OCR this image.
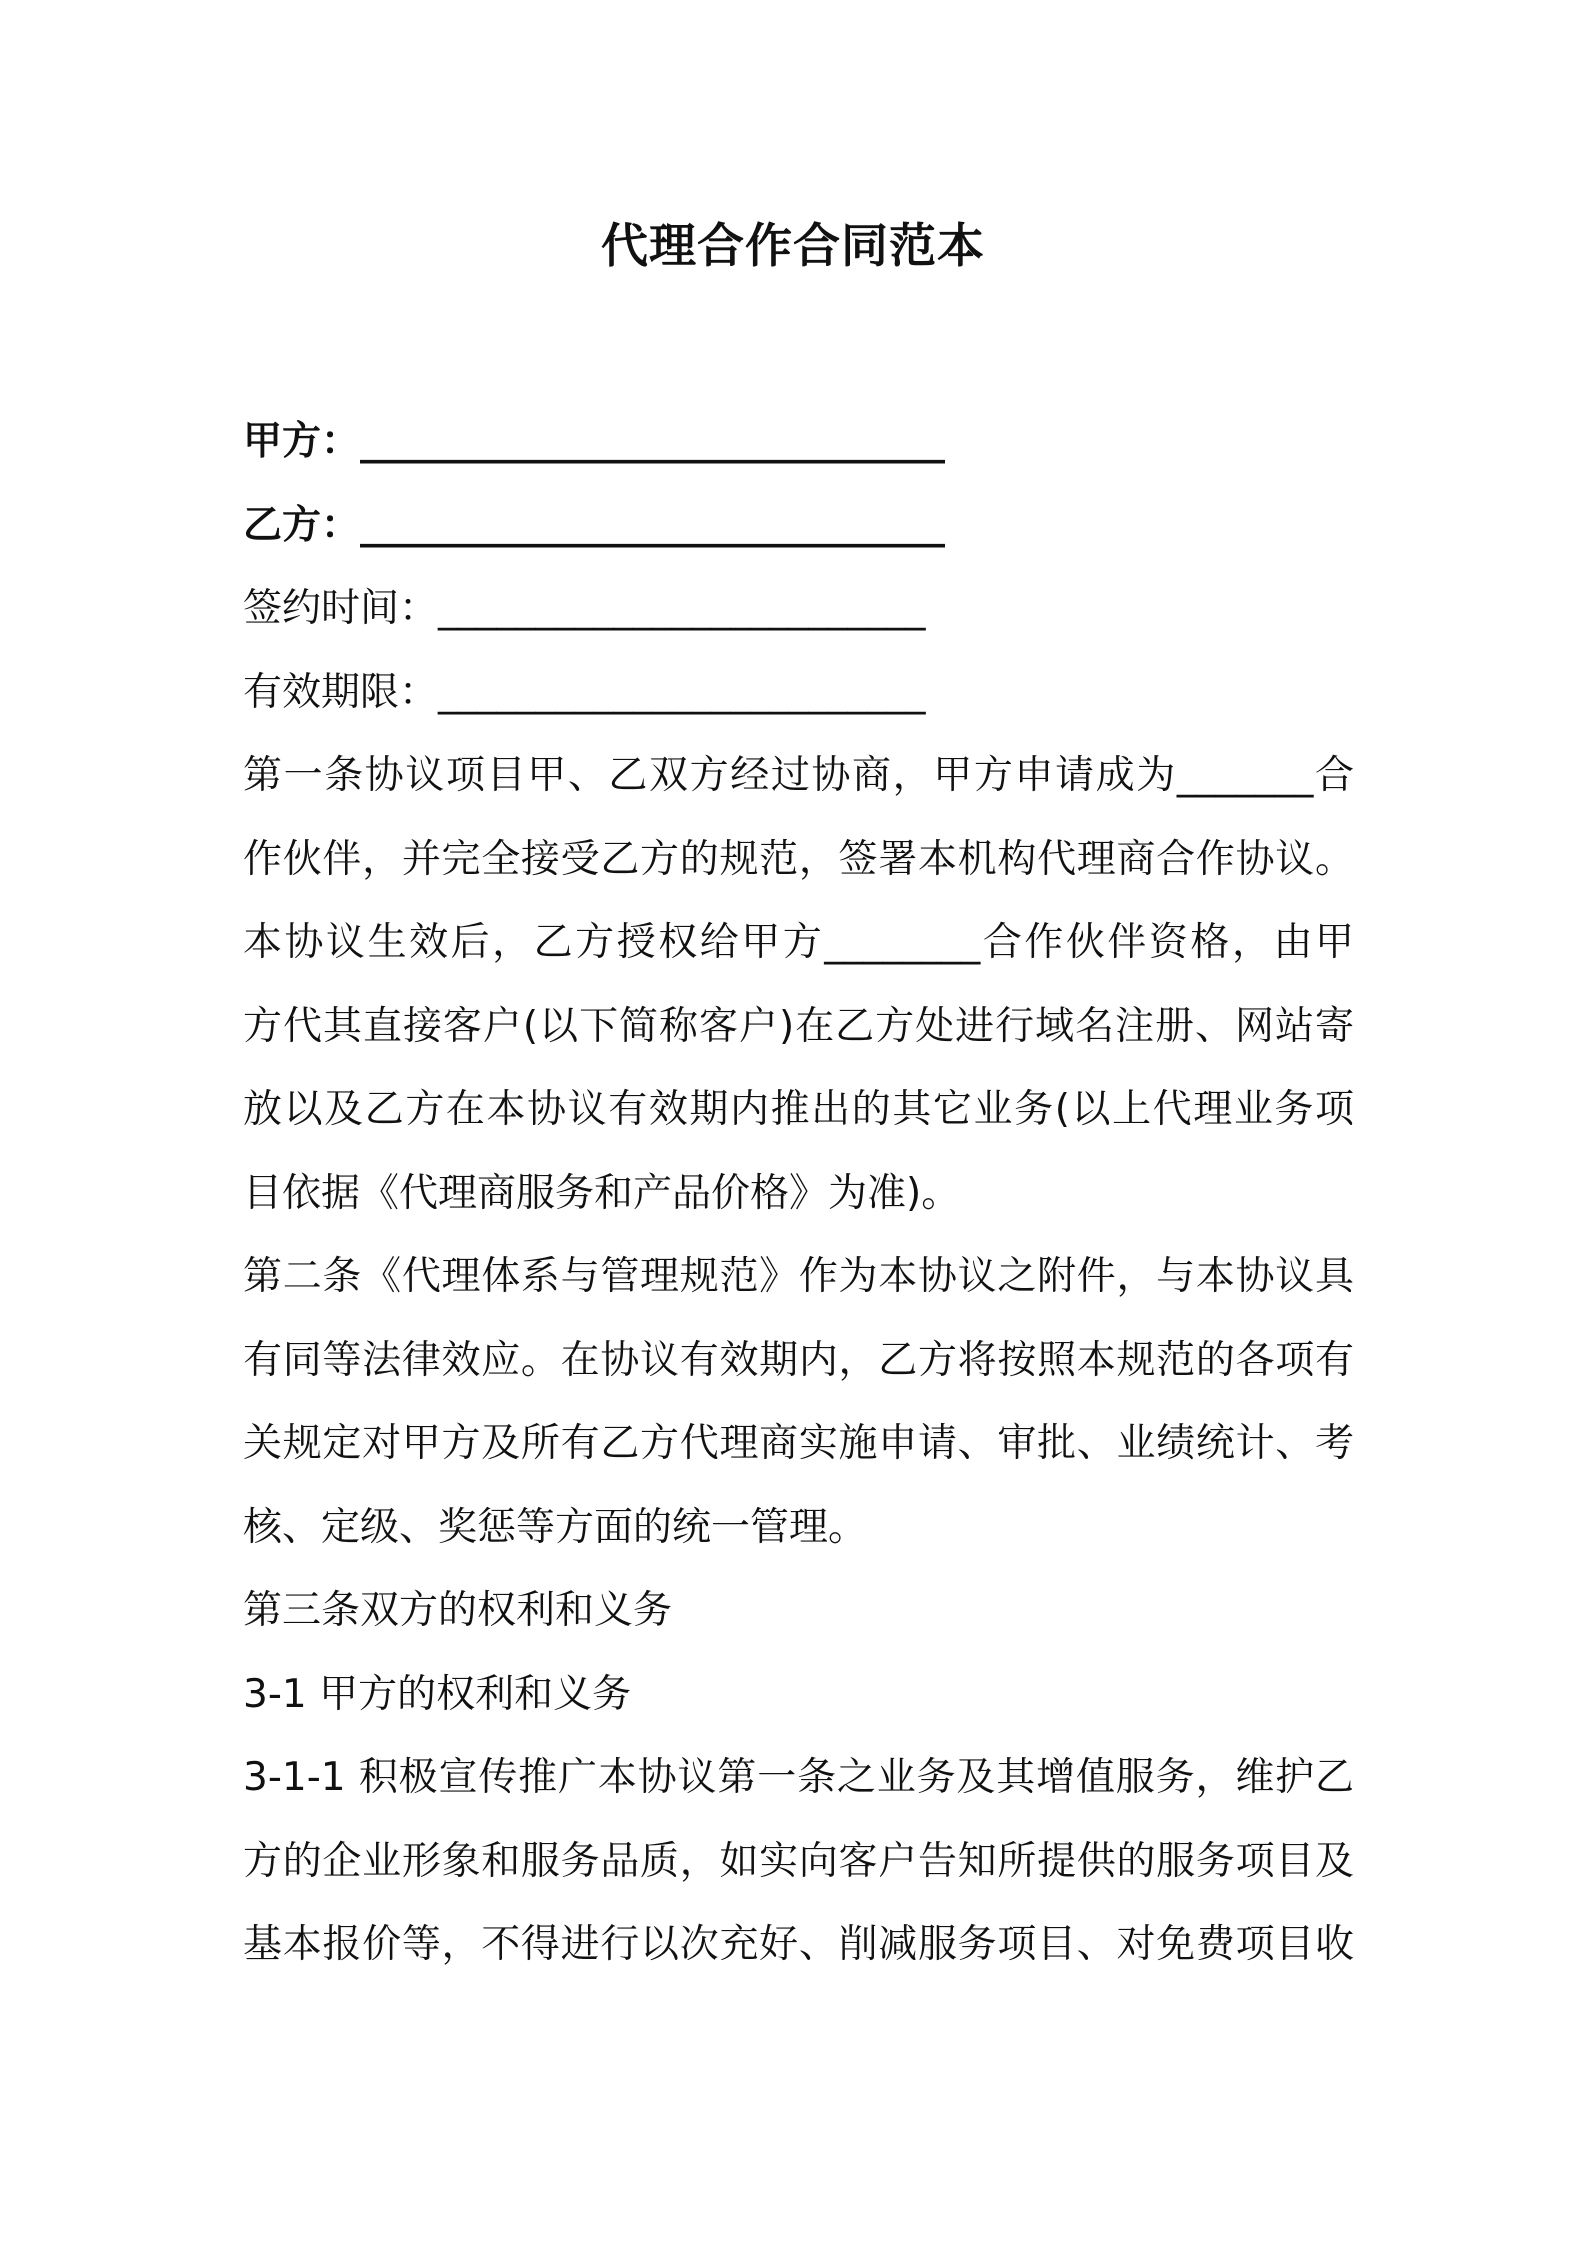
代理合作合同范本
甲方：______________________________
乙方：______________________________
签约时间：_________________________
有效期限：_________________________
第一条协议项目甲、乙双方经过协商，甲方申请成为_______合
作伙伴，并完全接受乙方的规范，签署本机构代理商合作协议。
本协议生效后，乙方授权给甲方________合作伙伴资格，由甲
方代其直接客户(以下简称客户)在乙方处进行域名注册、网站寄
放以及乙方在本协议有效期内推出的其它业务(以上代理业务项
目依据《代理商服务和产品价格》为准)。
第二条《代理体系与管理规范》作为本协议之附件，与本协议具
有同等法律效应。在协议有效期内，乙方将按照本规范的各项有
关规定对甲方及所有乙方代理商实施申请、审批、业绩统计、考
核、定级、奖惩等方面的统一管理。
第三条双方的权利和义务
3-1 甲方的权利和义务
3-1-1 积极宣传推广本协议第一条之业务及其增值服务，维护乙
方的企业形象和服务品质，如实向客户告知所提供的服务项目及
基本报价等，不得进行以次充好、削减服务项目、对免费项目收
